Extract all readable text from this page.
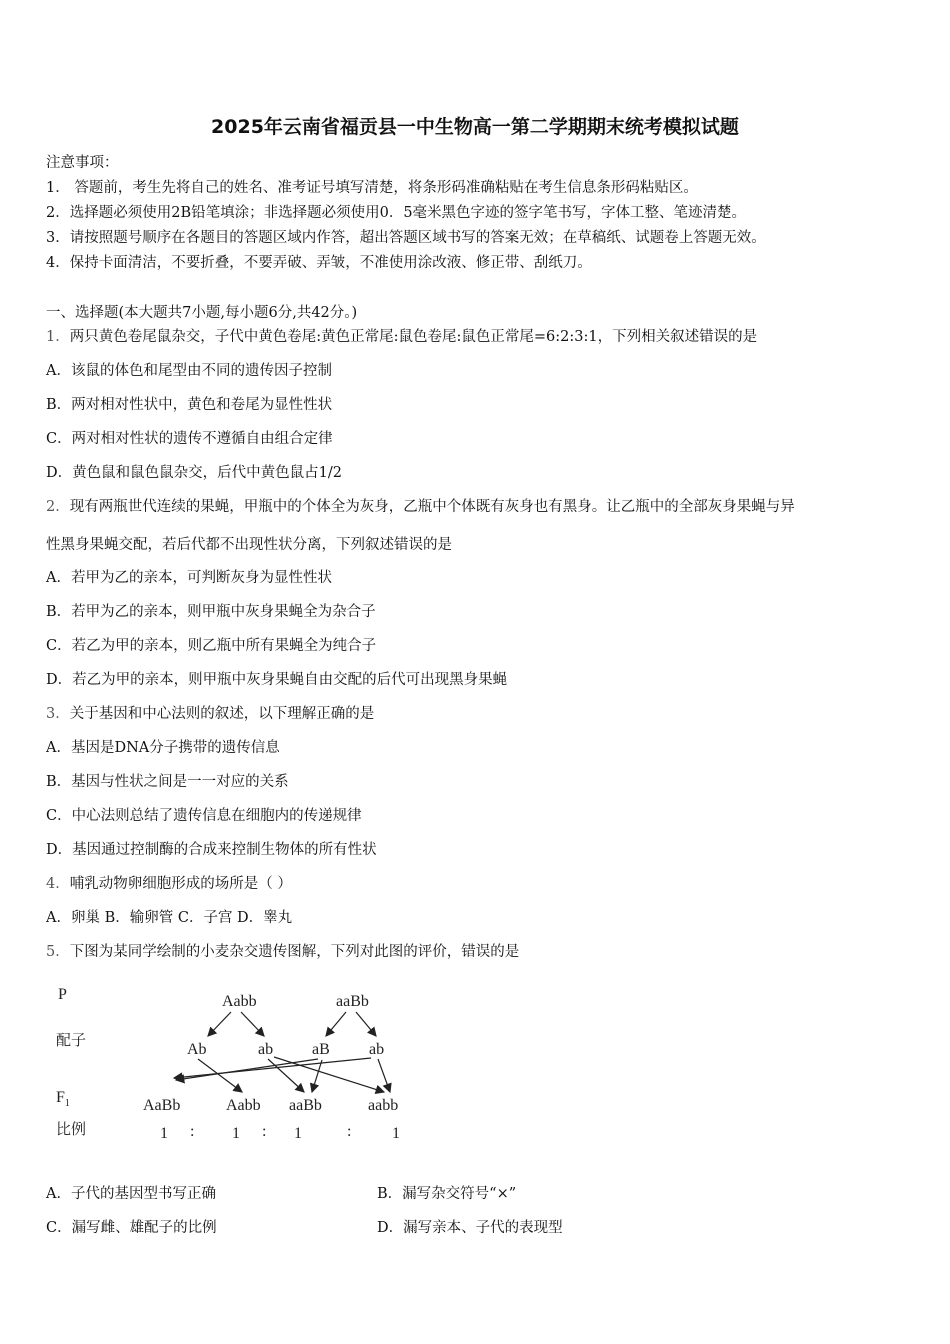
2025年云南省福贡县一中生物高一第二学期期末统考模拟试题
注意事项：
1． 答题前，考生先将自己的姓名、准考证号填写清楚，将条形码准确粘贴在考生信息条形码粘贴区。
2．选择题必须使用2B铅笔填涂；非选择题必须使用0．5毫米黑色字迹的签字笔书写，字体工整、笔迹清楚。
3．请按照题号顺序在各题目的答题区域内作答，超出答题区域书写的答案无效；在草稿纸、试题卷上答题无效。
4．保持卡面清洁，不要折叠，不要弄破、弄皱，不准使用涂改液、修正带、刮纸刀。
一、选择题(本大题共7小题,每小题6分,共42分。)
1．两只黄色卷尾鼠杂交，子代中黄色卷尾:黄色正常尾:鼠色卷尾:鼠色正常尾=6:2:3:1，下列相关叙述错误的是
A．该鼠的体色和尾型由不同的遗传因子控制
B．两对相对性状中，黄色和卷尾为显性性状
C．两对相对性状的遗传不遵循自由组合定律
D．黄色鼠和鼠色鼠杂交，后代中黄色鼠占1/2
2．现有两瓶世代连续的果蝇，甲瓶中的个体全为灰身，乙瓶中个体既有灰身也有黑身。让乙瓶中的全部灰身果蝇与异
性黑身果蝇交配，若后代都不出现性状分离，下列叙述错误的是
A．若甲为乙的亲本，可判断灰身为显性性状
B．若甲为乙的亲本，则甲瓶中灰身果蝇全为杂合子
C．若乙为甲的亲本，则乙瓶中所有果蝇全为纯合子
D．若乙为甲的亲本，则甲瓶中灰身果蝇自由交配的后代可出现黑身果蝇
3．关于基因和中心法则的叙述，以下理解正确的是
A．基因是DNA分子携带的遗传信息
B．基因与性状之间是一一对应的关系
C．中心法则总结了遗传信息在细胞内的传递规律
D．基因通过控制酶的合成来控制生物体的所有性状
4．哺乳动物卵细胞形成的场所是（ ）
A．卵巢 B．输卵管 C．子宫 D．睾丸
5．下图为某同学绘制的小麦杂交遗传图解，下列对此图的评价，错误的是
P
配子
$F_1$
比例
Aabb	aaBb
Ab	ab aB ab
AaBb	Aabb aaBb	aabb
1 : 1 : 1	:	1
A．子代的基因型书写正确	B．漏写杂交符号“×”
C．漏写雌、雄配子的比例	D．漏写亲本、子代的表现型
